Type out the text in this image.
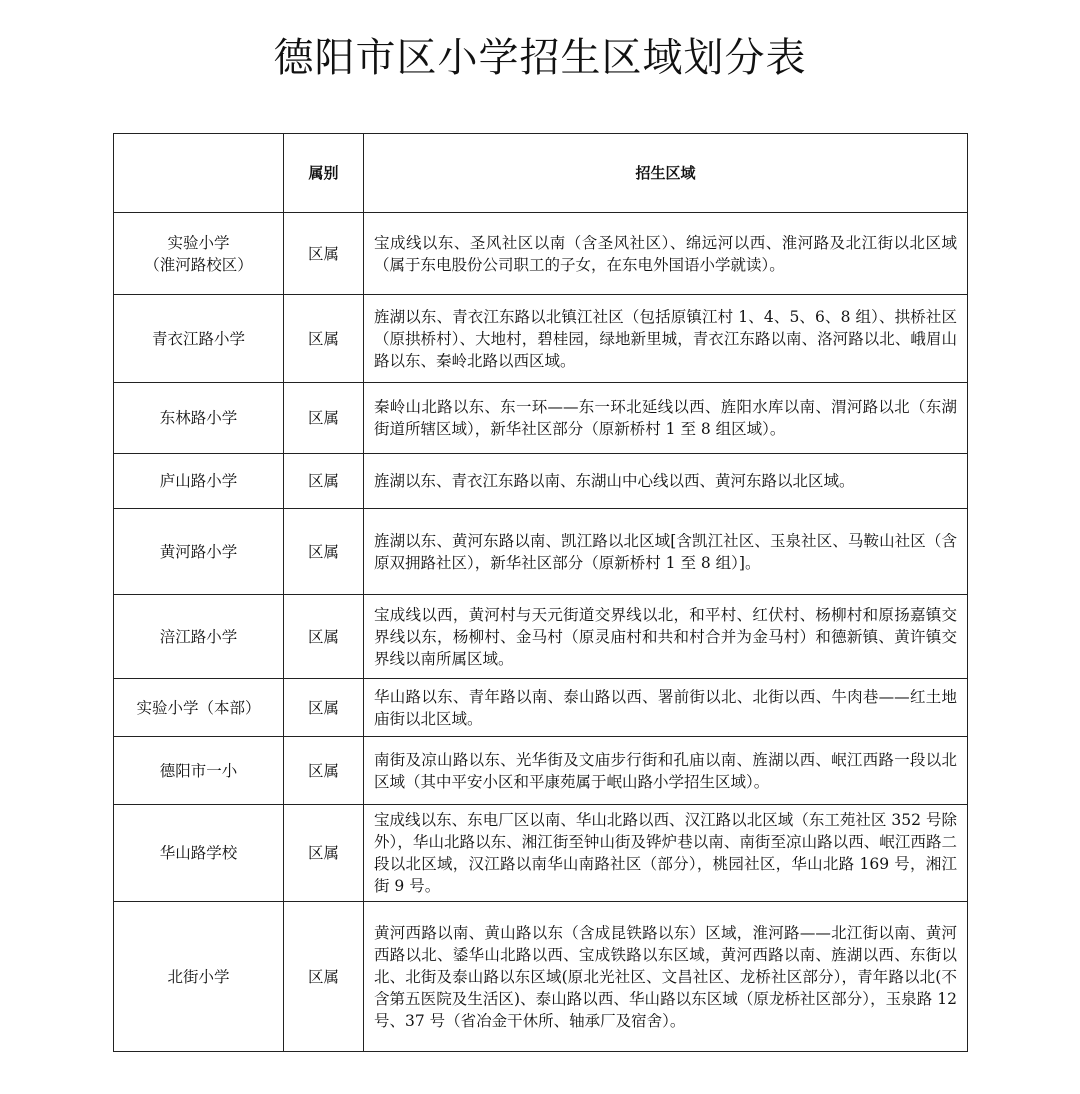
德阳市区小学招生区域划分表
	属别	招生区域

实验小学
（淮河路校区）	区属	宝成线以东、圣风社区以南（含圣风社区）、绵远河以西、淮河路及北江街以北区域（属于东电股份公司职工的子女，在东电外国语小学就读）。

青衣江路小学	区属	旌湖以东、青衣江东路以北镇江社区（包括原镇江村 1、4、5、6、8 组）、拱桥社区（原拱桥村）、大地村，碧桂园，绿地新里城，青衣江东路以南、洛河路以北、峨眉山路以东、秦岭北路以西区域。

东林路小学	区属	秦岭山北路以东、东一环——东一环北延线以西、旌阳水库以南、渭河路以北（东湖街道所辖区域），新华社区部分（原新桥村 1 至 8 组区域）。

庐山路小学	区属	旌湖以东、青衣江东路以南、东湖山中心线以西、黄河东路以北区域。

黄河路小学	区属	旌湖以东、黄河东路以南、凯江路以北区域[含凯江社区、玉泉社区、马鞍山社区（含原双拥路社区），新华社区部分（原新桥村 1 至 8 组）]。

涪江路小学	区属	宝成线以西，黄河村与天元街道交界线以北，和平村、红伏村、杨柳村和原扬嘉镇交界线以东，杨柳村、金马村（原灵庙村和共和村合并为金马村）和德新镇、黄许镇交界线以南所属区域。

实验小学（本部）	区属	华山路以东、青年路以南、泰山路以西、署前街以北、北街以西、牛肉巷——红土地庙街以北区域。

德阳市一小	区属	南街及凉山路以东、光华街及文庙步行街和孔庙以南、旌湖以西、岷江西路一段以北区域（其中平安小区和平康苑属于岷山路小学招生区域）。

华山路学校	区属	宝成线以东、东电厂区以南、华山北路以西、汉江路以北区域（东工苑社区 352 号除外），华山北路以东、湘江街至钟山街及铧炉巷以南、南街至凉山路以西、岷江西路二段以北区域，汉江路以南华山南路社区（部分），桃园社区，华山北路 169 号，湘江街 9 号。

北街小学	区属	黄河西路以南、黄山路以东（含成昆铁路以东）区域，淮河路——北江街以南、黄河西路以北、鋈华山北路以西、宝成铁路以东区域，黄河西路以南、旌湖以西、东街以北、北街及泰山路以东区域(原北光社区、文昌社区、龙桥社区部分），青年路以北(不含第五医院及生活区)、泰山路以西、华山路以东区域（原龙桥社区部分），玉泉路 12 号、37 号（省冶金干休所、轴承厂及宿舍）。
